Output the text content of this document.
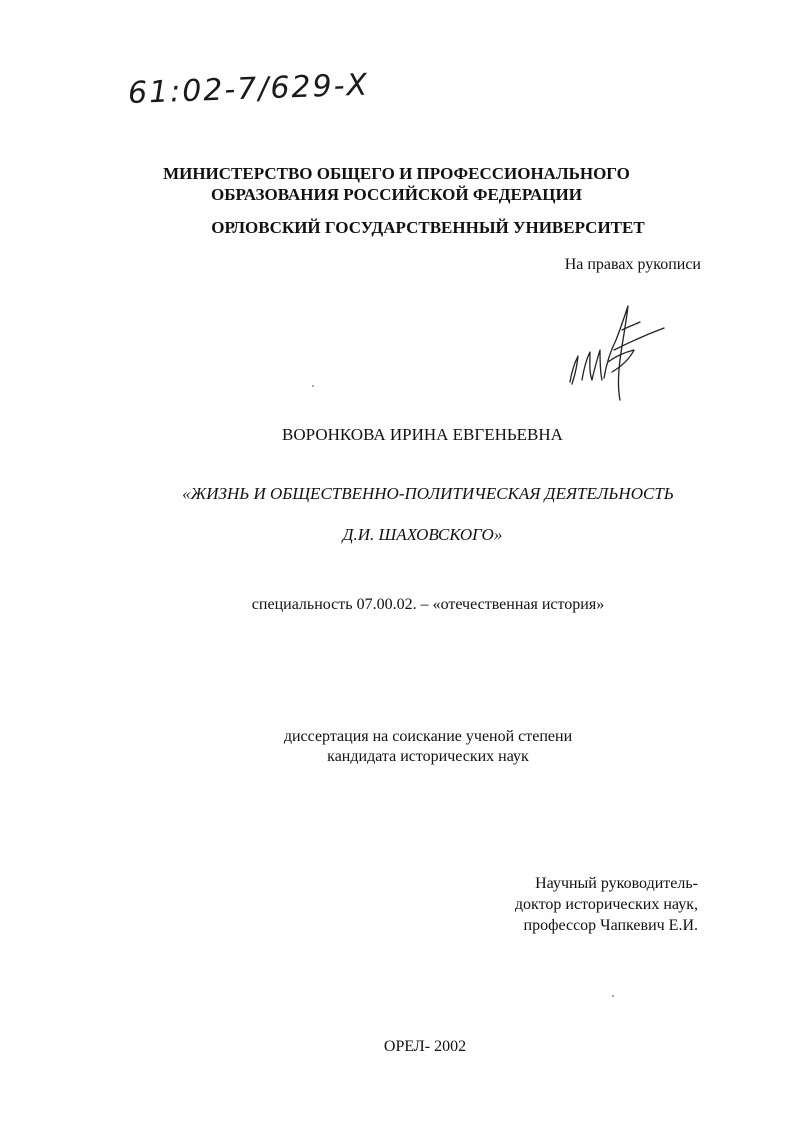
61:02-7/629-Х
МИНИСТЕРСТВО ОБЩЕГО И ПРОФЕССИОНАЛЬНОГО
ОБРАЗОВАНИЯ РОССИЙСКОЙ ФЕДЕРАЦИИ
ОРЛОВСКИЙ ГОСУДАРСТВЕННЫЙ УНИВЕРСИТЕТ
На правах рукописи
ВОРОНКОВА ИРИНА ЕВГЕНЬЕВНА
«ЖИЗНЬ И ОБЩЕСТВЕННО-ПОЛИТИЧЕСКАЯ ДЕЯТЕЛЬНОСТЬ
Д.И. ШАХОВСКОГО»
специальность 07.00.02. – «отечественная история»
диссертация на соискание ученой степени
кандидата исторических наук
Научный руководитель-
доктор исторических наук,
профессор Чапкевич Е.И.
ОРЕЛ- 2002
